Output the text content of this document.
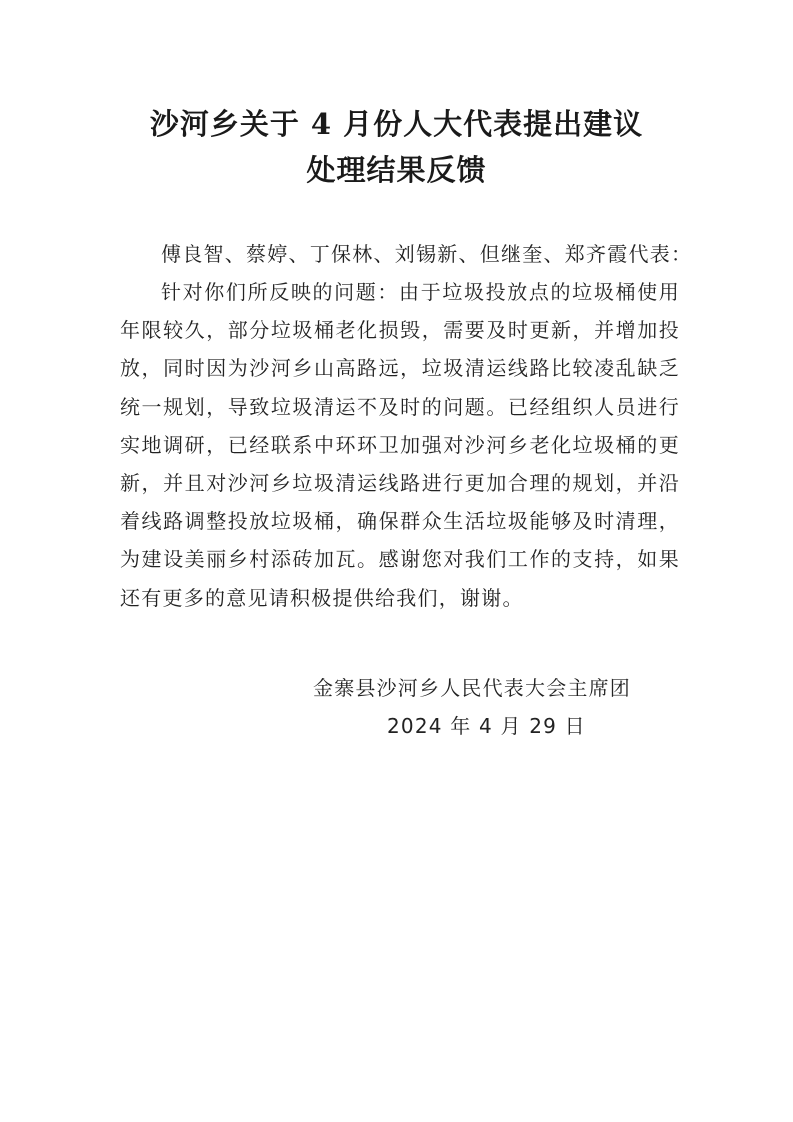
沙河乡关于 4 月份人大代表提出建议
处理结果反馈
傅良智、蔡婷、丁保林、刘锡新、但继奎、郑齐霞代表：
针对你们所反映的问题：由于垃圾投放点的垃圾桶使用年限较久，部分垃圾桶老化损毁，需要及时更新，并增加投放，同时因为沙河乡山高路远，垃圾清运线路比较凌乱缺乏统一规划，导致垃圾清运不及时的问题。已经组织人员进行实地调研，已经联系中环环卫加强对沙河乡老化垃圾桶的更新，并且对沙河乡垃圾清运线路进行更加合理的规划，并沿着线路调整投放垃圾桶，确保群众生活垃圾能够及时清理，为建设美丽乡村添砖加瓦。感谢您对我们工作的支持，如果还有更多的意见请积极提供给我们，谢谢。
金寨县沙河乡人民代表大会主席团
2024 年 4 月 29 日
